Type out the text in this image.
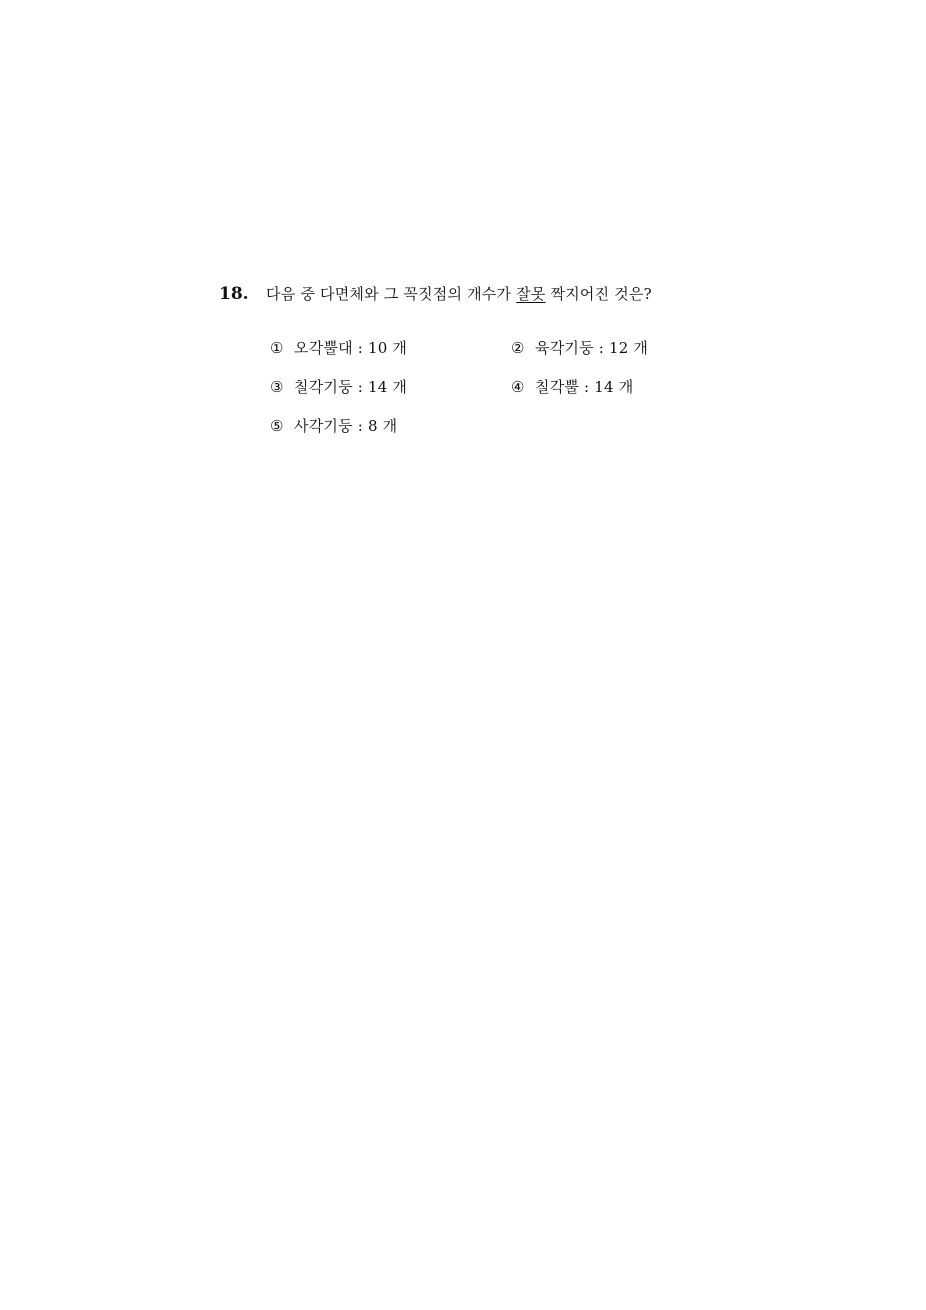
18.	다음 중 다면체와 그 꼭짓점의 개수가 잘못 짝지어진 것은?
① 오각뿔대 : 10 개	② 육각기둥 : 12 개
③ 칠각기둥 : 14 개	④ 칠각뿔 : 14 개
⑤ 사각기둥 : 8 개
